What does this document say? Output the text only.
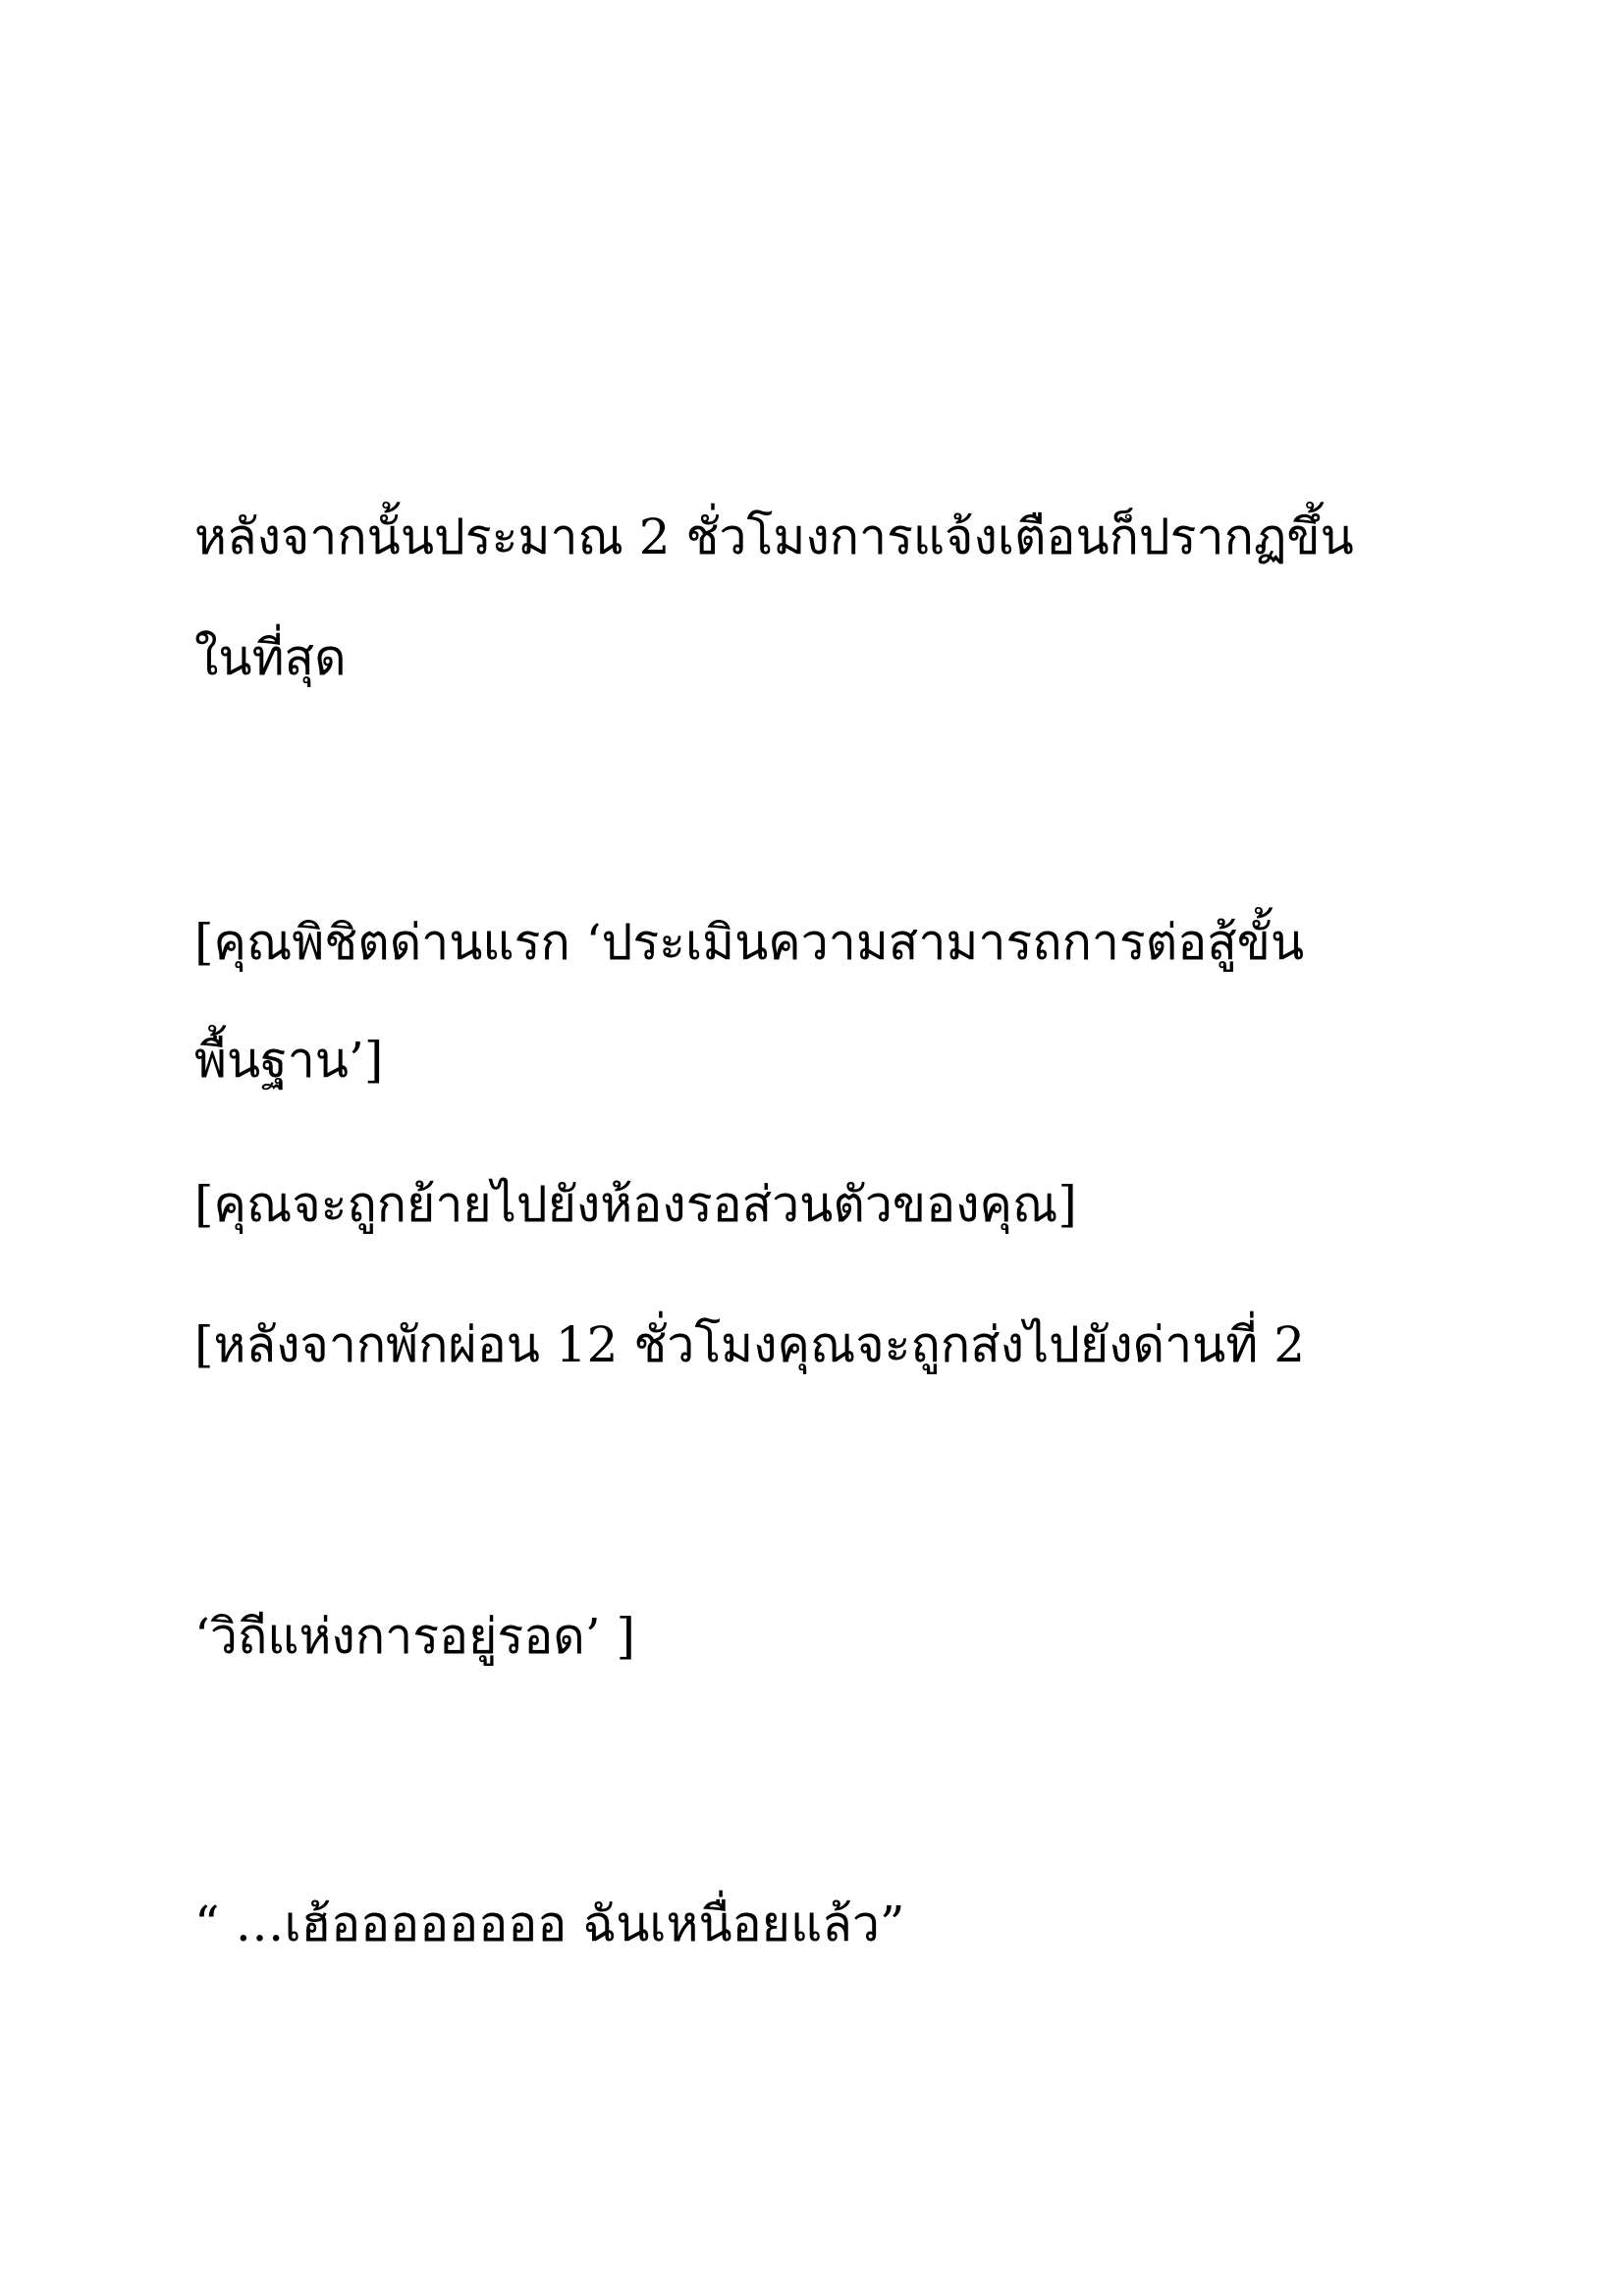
หลังจากนั้นประมาณ 2 ชั่วโมงการแจ้งเตือนก็ปรากฏขึ้น

ในที่สุด

[คุณพิชิตด่านแรก ‘ประเมินความสามารถการต่อสู้ขั้น

พื้นฐาน’]

[คุณจะถูกย้ายไปยังห้องรอส่วนตัวของคุณ]

[หลังจากพักผ่อน 12 ชั่วโมงคุณจะถูกส่งไปยังด่านที่ 2

‘วิถีแห่งการอยู่รอด’ ]

“ …เฮ้ออออออออ ฉันเหนื่อยแล้ว”
